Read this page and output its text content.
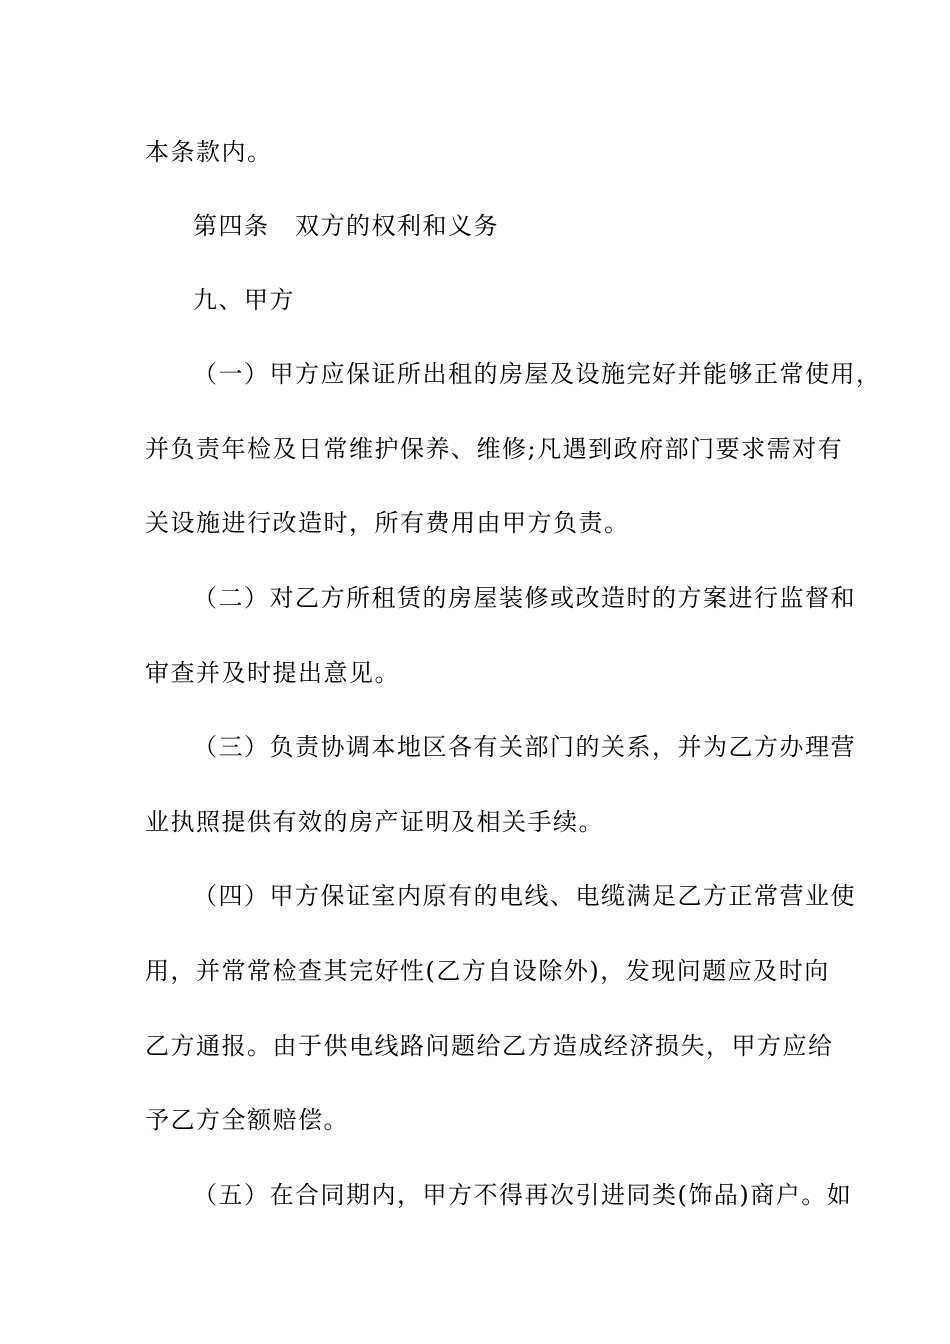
本条款内。
第四条　双方的权利和义务
九、甲方
（一）甲方应保证所出租的房屋及设施完好并能够正常使用，
并负责年检及日常维护保养、维修;凡遇到政府部门要求需对有
关设施进行改造时，所有费用由甲方负责。
（二）对乙方所租赁的房屋装修或改造时的方案进行监督和
审查并及时提出意见。
（三）负责协调本地区各有关部门的关系，并为乙方办理营
业执照提供有效的房产证明及相关手续。
（四）甲方保证室内原有的电线、电缆满足乙方正常营业使
用，并常常检查其完好性(乙方自设除外)，发现问题应及时向
乙方通报。由于供电线路问题给乙方造成经济损失，甲方应给
予乙方全额赔偿。
（五）在合同期内，甲方不得再次引进同类(饰品)商户。如
